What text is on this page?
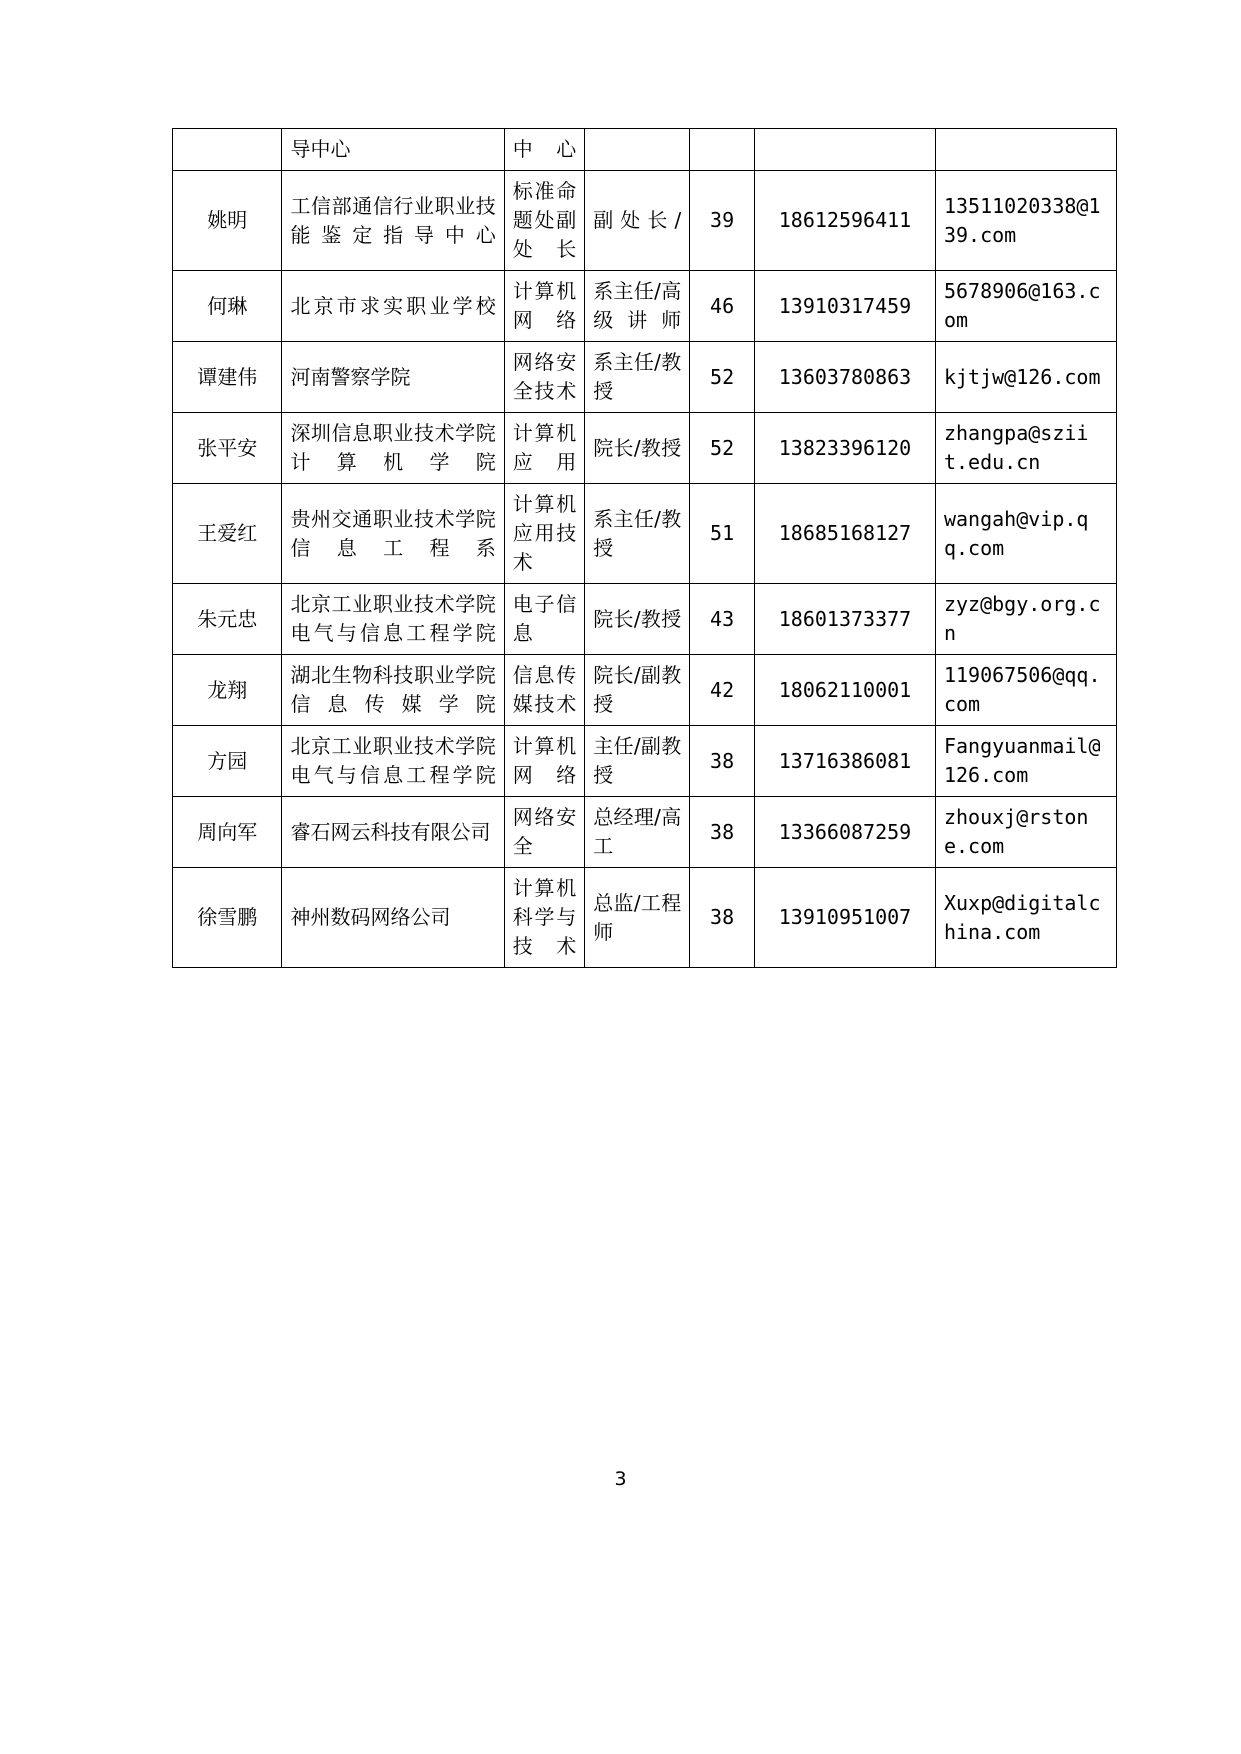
	导中心	中心				
姚明	工信部通信行业职业技能鉴定指导中心	标准命题处副处长	副处长/	39	18612596411	13511020338@139.com
何琳	北京市求实职业学校	计算机网络	系主任/高级讲师	46	13910317459	5678906@163.com
谭建伟	河南警察学院	网络安全技术	系主任/教授	52	13603780863	kjtjw@126.com
张平安	深圳信息职业技术学院计算机学院	计算机应用	院长/教授	52	13823396120	zhangpa@sziit.edu.cn
王爱红	贵州交通职业技术学院信息工程系	计算机应用技术	系主任/教授	51	18685168127	wangah@vip.qq.com
朱元忠	北京工业职业技术学院电气与信息工程学院	电子信息	院长/教授	43	18601373377	zyz@bgy.org.cn
龙翔	湖北生物科技职业学院信息传媒学院	信息传媒技术	院长/副教授	42	18062110001	119067506@qq.com
方园	北京工业职业技术学院电气与信息工程学院	计算机网络	主任/副教授	38	13716386081	Fangyuanmail@126.com
周向军	睿石网云科技有限公司	网络安全	总经理/高工	38	13366087259	zhouxj@rstone.com
徐雪鹏	神州数码网络公司	计算机科学与技术	总监/工程师	38	13910951007	Xuxp@digitalchina.com
3
